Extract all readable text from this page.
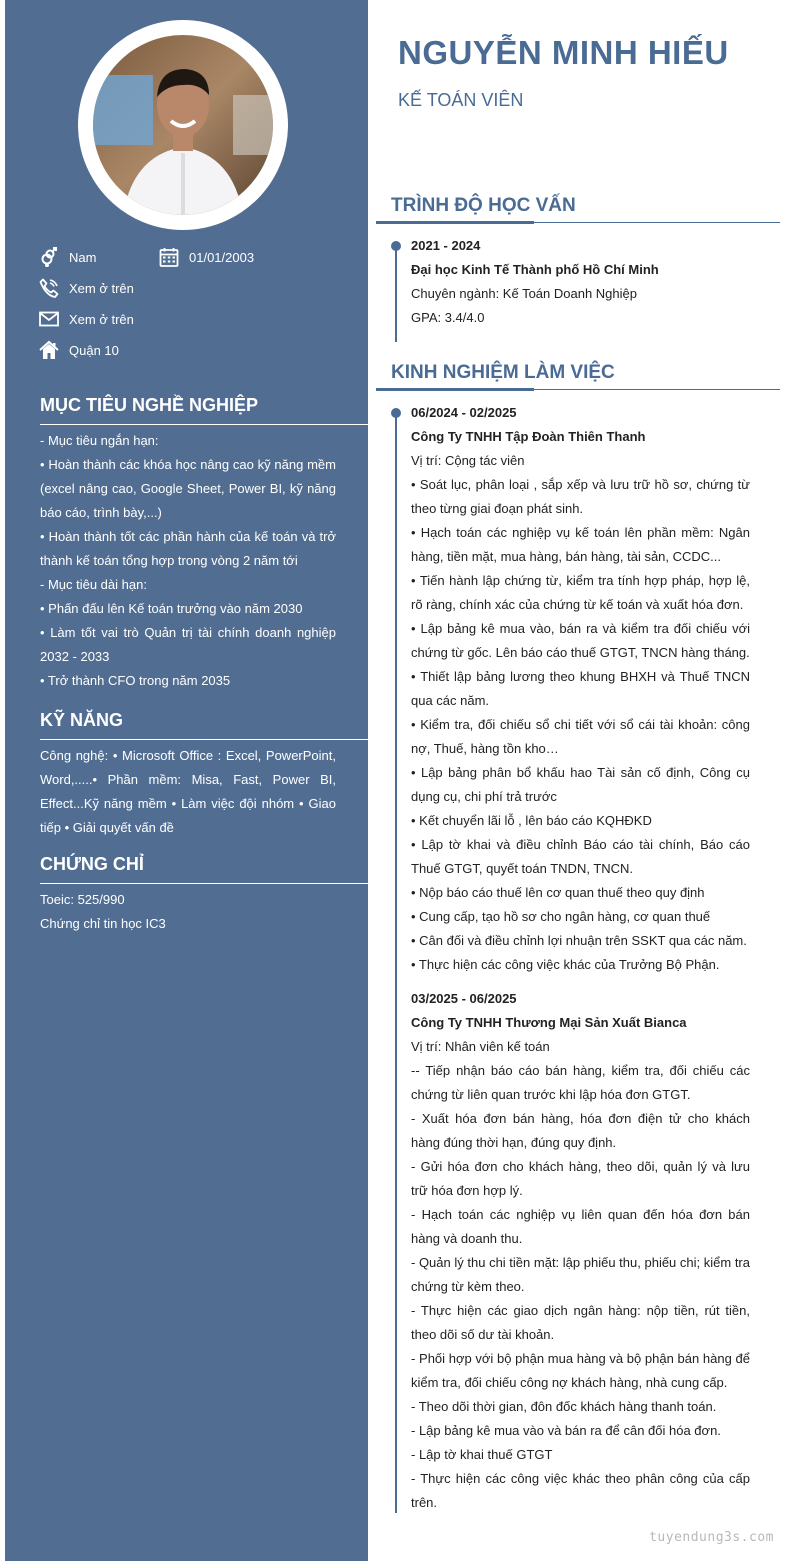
Nam	01/01/2003
Xem ở trên
Xem ở trên
Quận 10
MỤC TIÊU NGHỀ NGHIỆP
- Mục tiêu ngắn hạn:
• Hoàn thành các khóa học nâng cao kỹ năng mềm (excel nâng cao, Google Sheet, Power BI, kỹ năng báo cáo, trình bày,...)
• Hoàn thành tốt các phần hành của kế toán và trở thành kế toán tổng hợp trong vòng 2 năm tới
- Mục tiêu dài hạn:
• Phấn đấu lên Kế toán trưởng vào năm 2030
• Làm tốt vai trò Quản trị tài chính doanh nghiệp 2032 - 2033
• Trở thành CFO trong năm 2035
KỸ NĂNG
Công nghệ: • Microsoft Office : Excel, PowerPoint, Word,.....• Phần mềm: Misa, Fast, Power BI, Effect...Kỹ năng mềm • Làm việc đội nhóm • Giao tiếp • Giải quyết vấn đề
CHỨNG CHỈ
Toeic: 525/990
Chứng chỉ tin học IC3
NGUYỄN MINH HIẾU
KẾ TOÁN VIÊN
TRÌNH ĐỘ HỌC VẤN
2021 - 2024
Đại học Kinh Tế Thành phố Hồ Chí Minh
Chuyên ngành: Kế Toán Doanh Nghiệp
GPA: 3.4/4.0
KINH NGHIỆM LÀM VIỆC
06/2024 - 02/2025
Công Ty TNHH Tập Đoàn Thiên Thanh
Vị trí: Cộng tác viên
• Soát lục, phân loại , sắp xếp và lưu trữ hồ sơ, chứng từ theo từng giai đoạn phát sinh.
• Hạch toán các nghiệp vụ kế toán lên phần mềm: Ngân hàng, tiền mặt, mua hàng, bán hàng, tài sản, CCDC...
• Tiến hành lập chứng từ, kiểm tra tính hợp pháp, hợp lệ, rõ ràng, chính xác của chứng từ kế toán và xuất hóa đơn.
• Lập bảng kê mua vào, bán ra và kiểm tra đối chiếu với chứng từ gốc. Lên báo cáo thuế GTGT, TNCN hàng tháng.
• Thiết lập bảng lương theo khung BHXH và Thuế TNCN qua các năm.
• Kiểm tra, đối chiếu sổ chi tiết với sổ cái tài khoản: công nợ, Thuế, hàng tồn kho…
• Lập bảng phân bổ khấu hao Tài sản cố định, Công cụ dụng cụ, chi phí trả trước
• Kết chuyển lãi lỗ , lên báo cáo KQHĐKD
• Lập tờ khai và điều chỉnh Báo cáo tài chính, Báo cáo Thuế GTGT, quyết toán TNDN, TNCN.
• Nộp báo cáo thuế lên cơ quan thuế theo quy định
• Cung cấp, tạo hồ sơ cho ngân hàng, cơ quan thuế
• Cân đối và điều chỉnh lợi nhuận trên SSKT qua các năm.
• Thực hiện các công việc khác của Trưởng Bộ Phận.
03/2025 - 06/2025
Công Ty TNHH Thương Mại Sản Xuất Bianca
Vị trí: Nhân viên kế toán
-- Tiếp nhận báo cáo bán hàng, kiểm tra, đối chiếu các chứng từ liên quan trước khi lập hóa đơn GTGT.
- Xuất hóa đơn bán hàng, hóa đơn điện tử cho khách hàng đúng thời hạn, đúng quy định.
- Gửi hóa đơn cho khách hàng, theo dõi, quản lý và lưu trữ hóa đơn hợp lý.
- Hạch toán các nghiệp vụ liên quan đến hóa đơn bán hàng và doanh thu.
- Quản lý thu chi tiền mặt: lập phiếu thu, phiếu chi; kiểm tra chứng từ kèm theo.
- Thực hiện các giao dịch ngân hàng: nộp tiền, rút tiền, theo dõi số dư tài khoản.
- Phối hợp với bộ phận mua hàng và bộ phận bán hàng để kiểm tra, đối chiếu công nợ khách hàng, nhà cung cấp.
- Theo dõi thời gian, đôn đốc khách hàng thanh toán.
- Lập bảng kê mua vào và bán ra để cân đối hóa đơn.
- Lập tờ khai thuế GTGT
- Thực hiện các công việc khác theo phân công của cấp trên.
tuyendung3s.com
